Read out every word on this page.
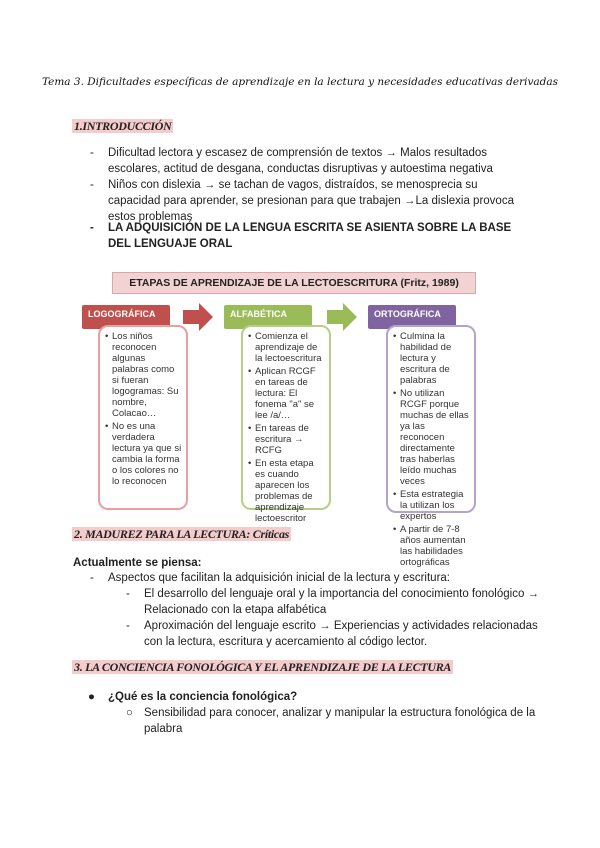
Tema 3. Dificultades específicas de aprendizaje en la lectura y necesidades educativas derivadas
1.INTRODUCCIÓN
- Dificultad lectora y escasez de comprensión de textos → Malos resultados escolares, actitud de desgana, conductas disruptivas y autoestima negativa
- Niños con dislexia → se tachan de vagos, distraídos, se menosprecia su capacidad para aprender, se presionan para que trabajen →La dislexia provoca estos problemas
- LA ADQUISICIÓN DE LA LENGUA ESCRITA SE ASIENTA SOBRE LA BASE DEL LENGUAJE ORAL
ETAPAS DE APRENDIZAJE DE LA LECTOESCRITURA (Fritz, 1989)
LOGOGRÁFICA

• Los niños reconocen algunas palabras como si fueran logogramas: Su nombre, Colacao…

• No es una verdadera lectura ya que si cambia la forma o los colores no lo reconocen

ALFABÉTICA

• Comienza el aprendizaje de la lectoescritura

• Aplican RCGF en tareas de lectura: El fonema "a" se lee /a/…

• En tareas de escritura → RCFG

• En esta etapa es cuando aparecen los problemas de aprendizaje lectoescritor

ORTOGRÁFICA

• Culmina la habilidad de lectura y escritura de palabras

• No utilizan RCGF porque muchas de ellas ya las reconocen directamente tras haberlas leído muchas veces

• Esta estrategia la utilizan los expertos

• A partir de 7-8 años aumentan las habilidades ortográficas

2. MADUREZ PARA LA LECTURA: Críticas
Actualmente se piensa:
- Aspectos que facilitan la adquisición inicial de la lectura y escritura:
- El desarrollo del lenguaje oral y la importancia del conocimiento fonológico → Relacionado con la etapa alfabética
- Aproximación del lenguaje escrito → Experiencias y actividades relacionadas con la lectura, escritura y acercamiento al código lector.
3. LA CONCIENCIA FONOLÓGICA Y EL APRENDIZAJE DE LA LECTURA
● ¿Qué es la conciencia fonológica?
○ Sensibilidad para conocer, analizar y manipular la estructura fonológica de la palabra
